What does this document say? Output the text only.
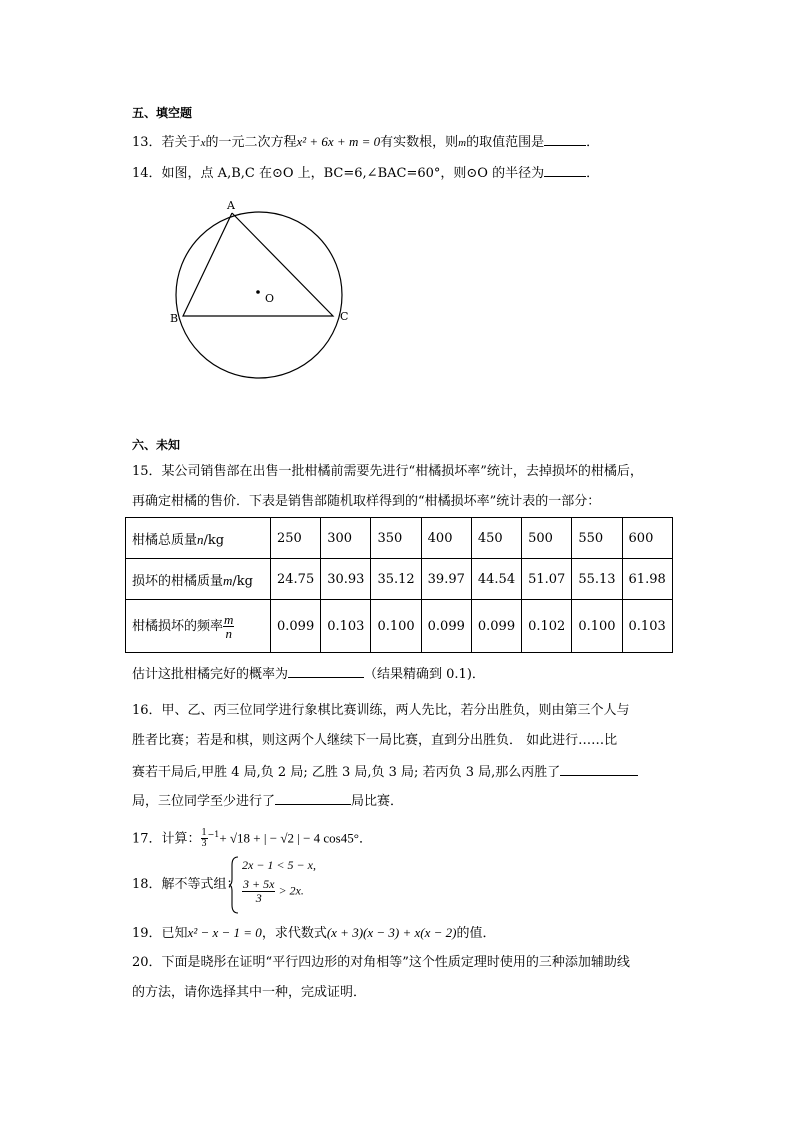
五、填空题
13．若关于x的一元二次方程x² + 6x + m = 0有实数根，则m的取值范围是	．
14．如图，点 A,B,C 在⊙O 上，BC=6,∠BAC=60°，则⊙O 的半径为	．
A
B	C
O
六、未知
15．某公司销售部在出售一批柑橘前需要先进行“柑橘损坏率”统计，去掉损坏的柑橘后，
再确定柑橘的售价．下表是销售部随机取样得到的“柑橘损坏率”统计表的一部分：
柑橘总质量n/kg	250	300	350	400	450	500	550	600
损坏的柑橘质量m/kg	24.75	30.93	35.12	39.97	44.54	51.07	55.13	61.98
柑橘损坏的频率 $\frac{m}{n}$	0.099	0.103	0.100	0.099	0.099	0.102	0.100	0.103
估计这批柑橘完好的概率为	（结果精确到 0.1)．
16．甲、乙、丙三位同学进行象棋比赛训练，两人先比，若分出胜负，则由第三个人与
胜者比赛；若是和棋，则这两个人继续下一局比赛，直到分出胜负． 如此进行……比
赛若干局后,甲胜 4 局,负 2 局; 乙胜 3 局,负 3 局; 若丙负 3 局,那么丙胜了
局，三位同学至少进行了	局比赛．
17．计算： $\frac{1}{3} ^{-1}+ √18$ + | − √2 | − 4 cos45°．
18．解不等式组：
2x − 1 < 5 − x,
$\frac{3 + 5x}{3} > 2x$.
19．已知x² − x − 1 = 0，求代数式(x + 3)(x − 3) + x(x − 2)的值．
20．下面是晓彤在证明“平行四边形的对角相等”这个性质定理时使用的三种添加辅助线
的方法，请你选择其中一种，完成证明．
